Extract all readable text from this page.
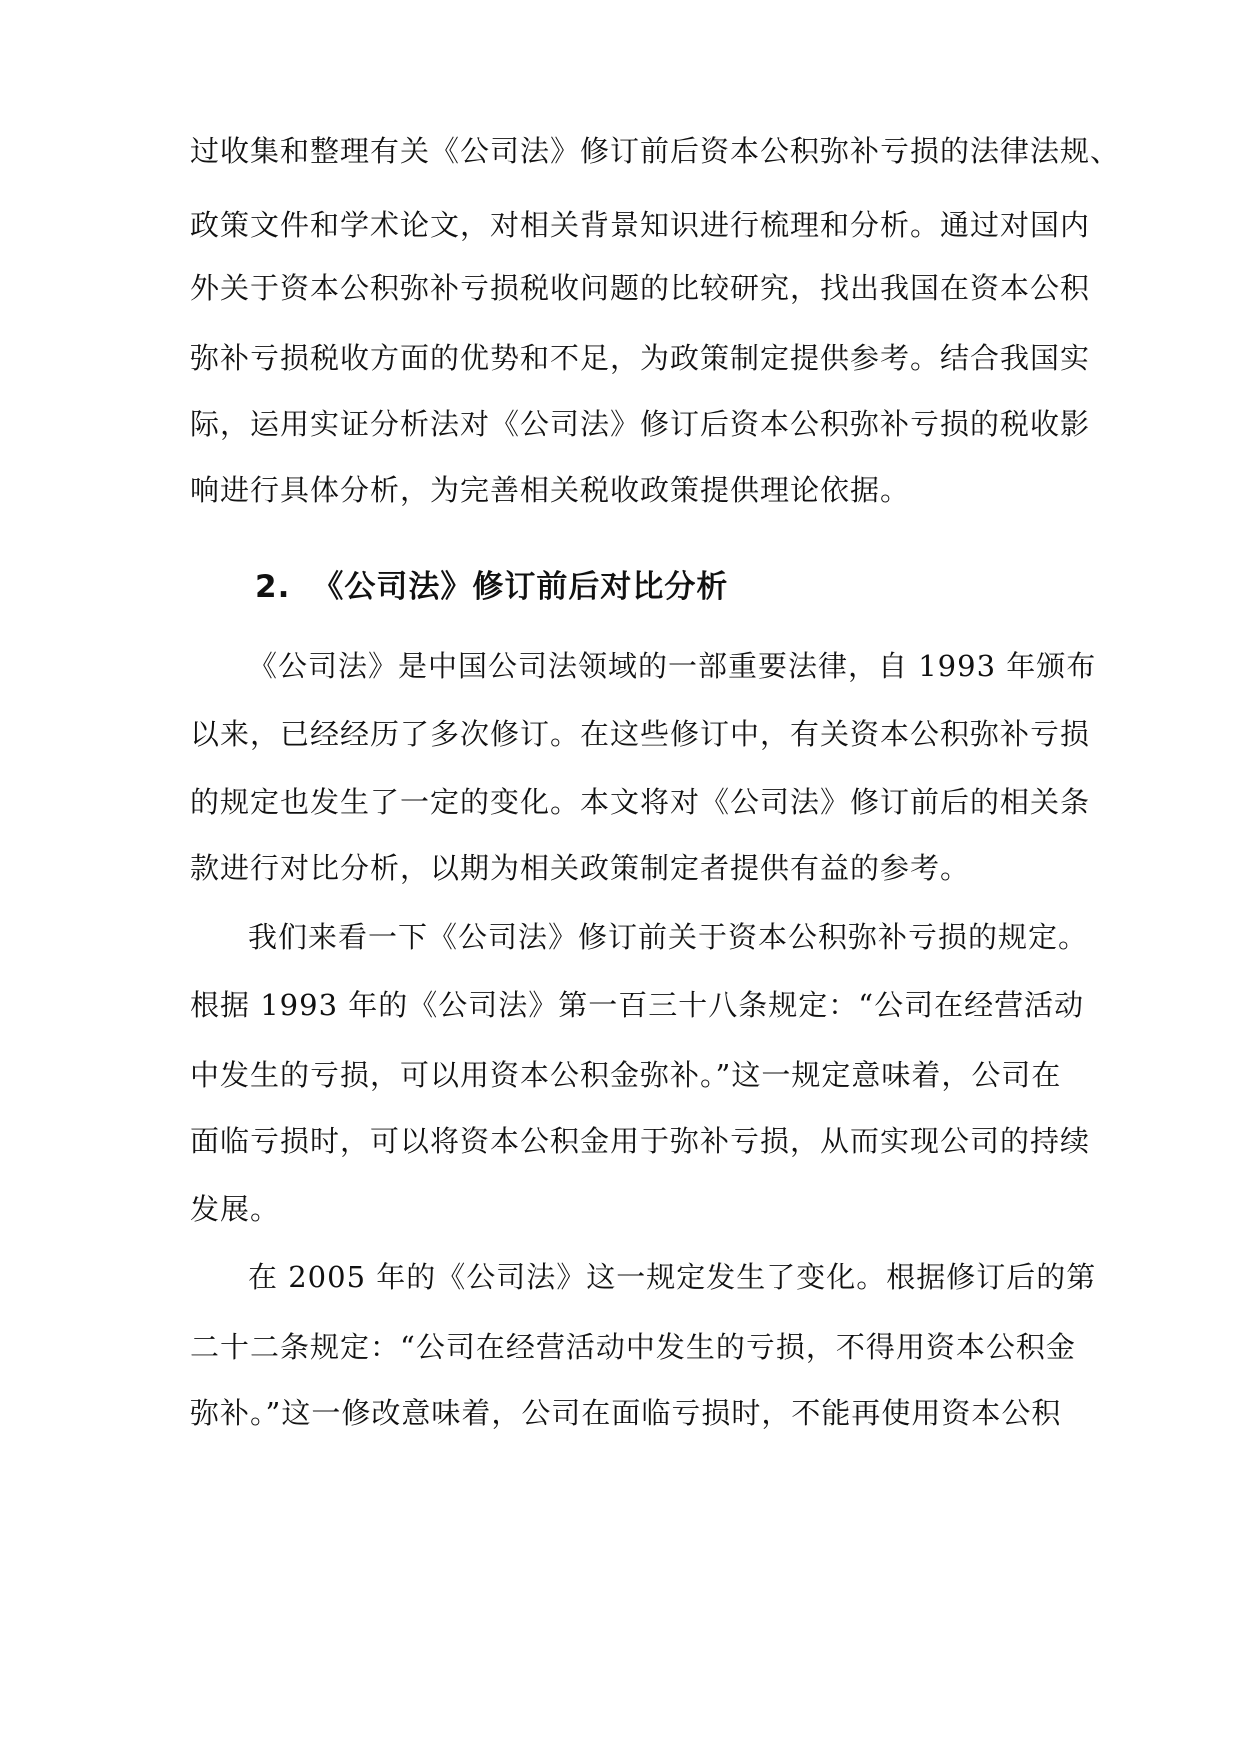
过收集和整理有关《公司法》修订前后资本公积弥补亏损的法律法规、
政策文件和学术论文，对相关背景知识进行梳理和分析。通过对国内
外关于资本公积弥补亏损税收问题的比较研究，找出我国在资本公积
弥补亏损税收方面的优势和不足，为政策制定提供参考。结合我国实
际，运用实证分析法对《公司法》修订后资本公积弥补亏损的税收影
响进行具体分析，为完善相关税收政策提供理论依据。
2. 《公司法》修订前后对比分析
《公司法》是中国公司法领域的一部重要法律，自 1993 年颁布
以来，已经经历了多次修订。在这些修订中，有关资本公积弥补亏损
的规定也发生了一定的变化。本文将对《公司法》修订前后的相关条
款进行对比分析，以期为相关政策制定者提供有益的参考。
我们来看一下《公司法》修订前关于资本公积弥补亏损的规定。
根据 1993 年的《公司法》第一百三十八条规定：“公司在经营活动
中发生的亏损，可以用资本公积金弥补。”这一规定意味着，公司在
面临亏损时，可以将资本公积金用于弥补亏损，从而实现公司的持续
发展。
在 2005 年的《公司法》这一规定发生了变化。根据修订后的第
二十二条规定：“公司在经营活动中发生的亏损，不得用资本公积金
弥补。”这一修改意味着，公司在面临亏损时，不能再使用资本公积
